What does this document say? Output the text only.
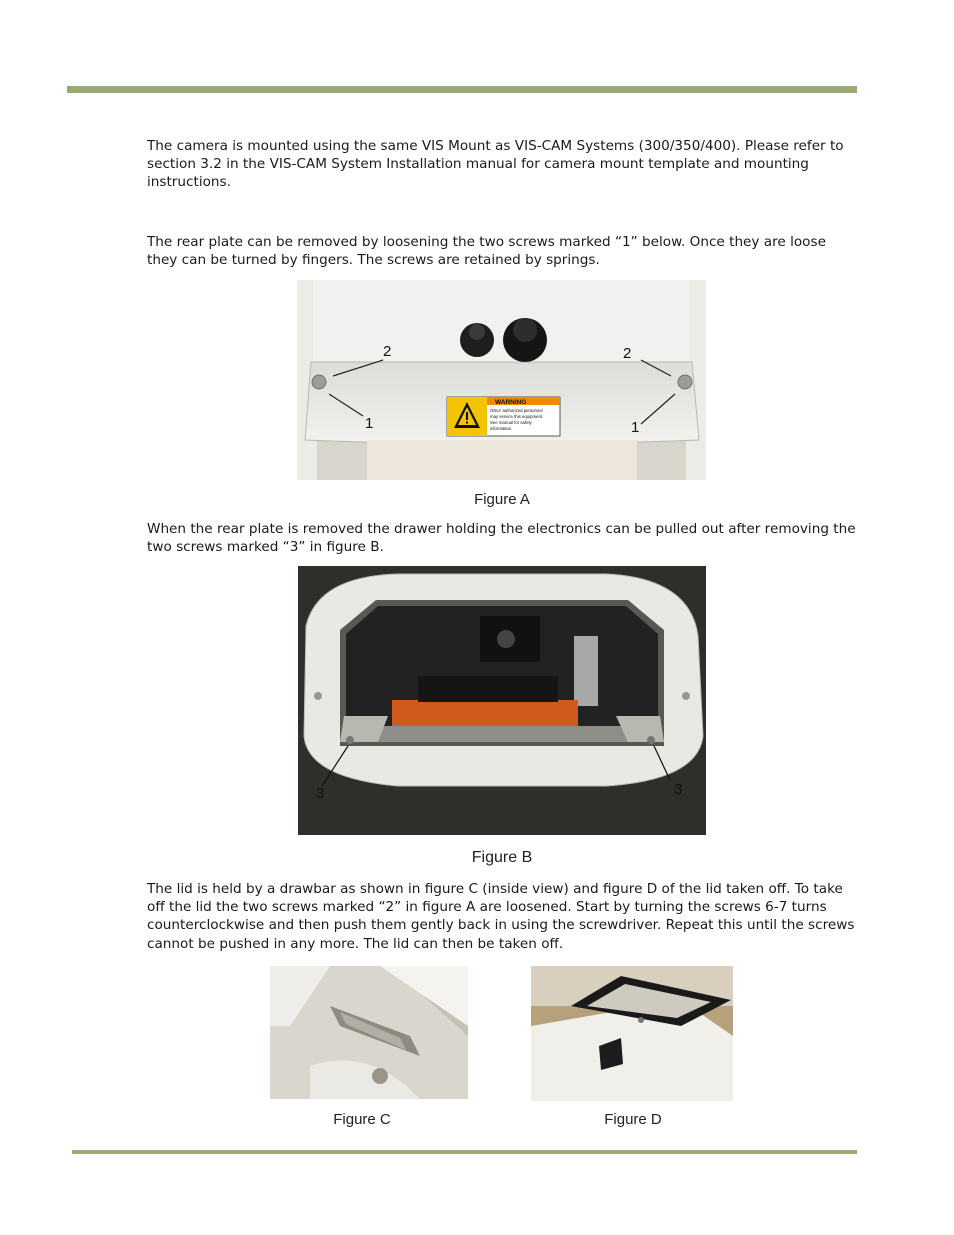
The camera is mounted using the same VIS Mount as VIS-CAM Systems (300/350/400). Please refer to section 3.2 in the VIS-CAM System Installation manual for camera mount template and mounting instructions.

The rear plate can be removed by loosening the two screws marked “1” below. Once they are loose they can be turned by fingers. The screws are retained by springs.

2
1
2
1
WARNING
ONLY authorized personnel
may service this equipment.
See manual for safety
information.
Figure A

When the rear plate is removed the drawer holding the electronics can be pulled out after removing the two screws marked “3” in figure B.

3	3
Figure B

The lid is held by a drawbar as shown in figure C (inside view) and figure D of the lid taken off. To take off the lid the two screws marked “2” in figure A are loosened. Start by turning the screws 6-7 turns counterclockwise and then push them gently back in using the screwdriver. Repeat this until the screws cannot be pushed in any more. The lid can then be taken off.

Figure C	Figure D
